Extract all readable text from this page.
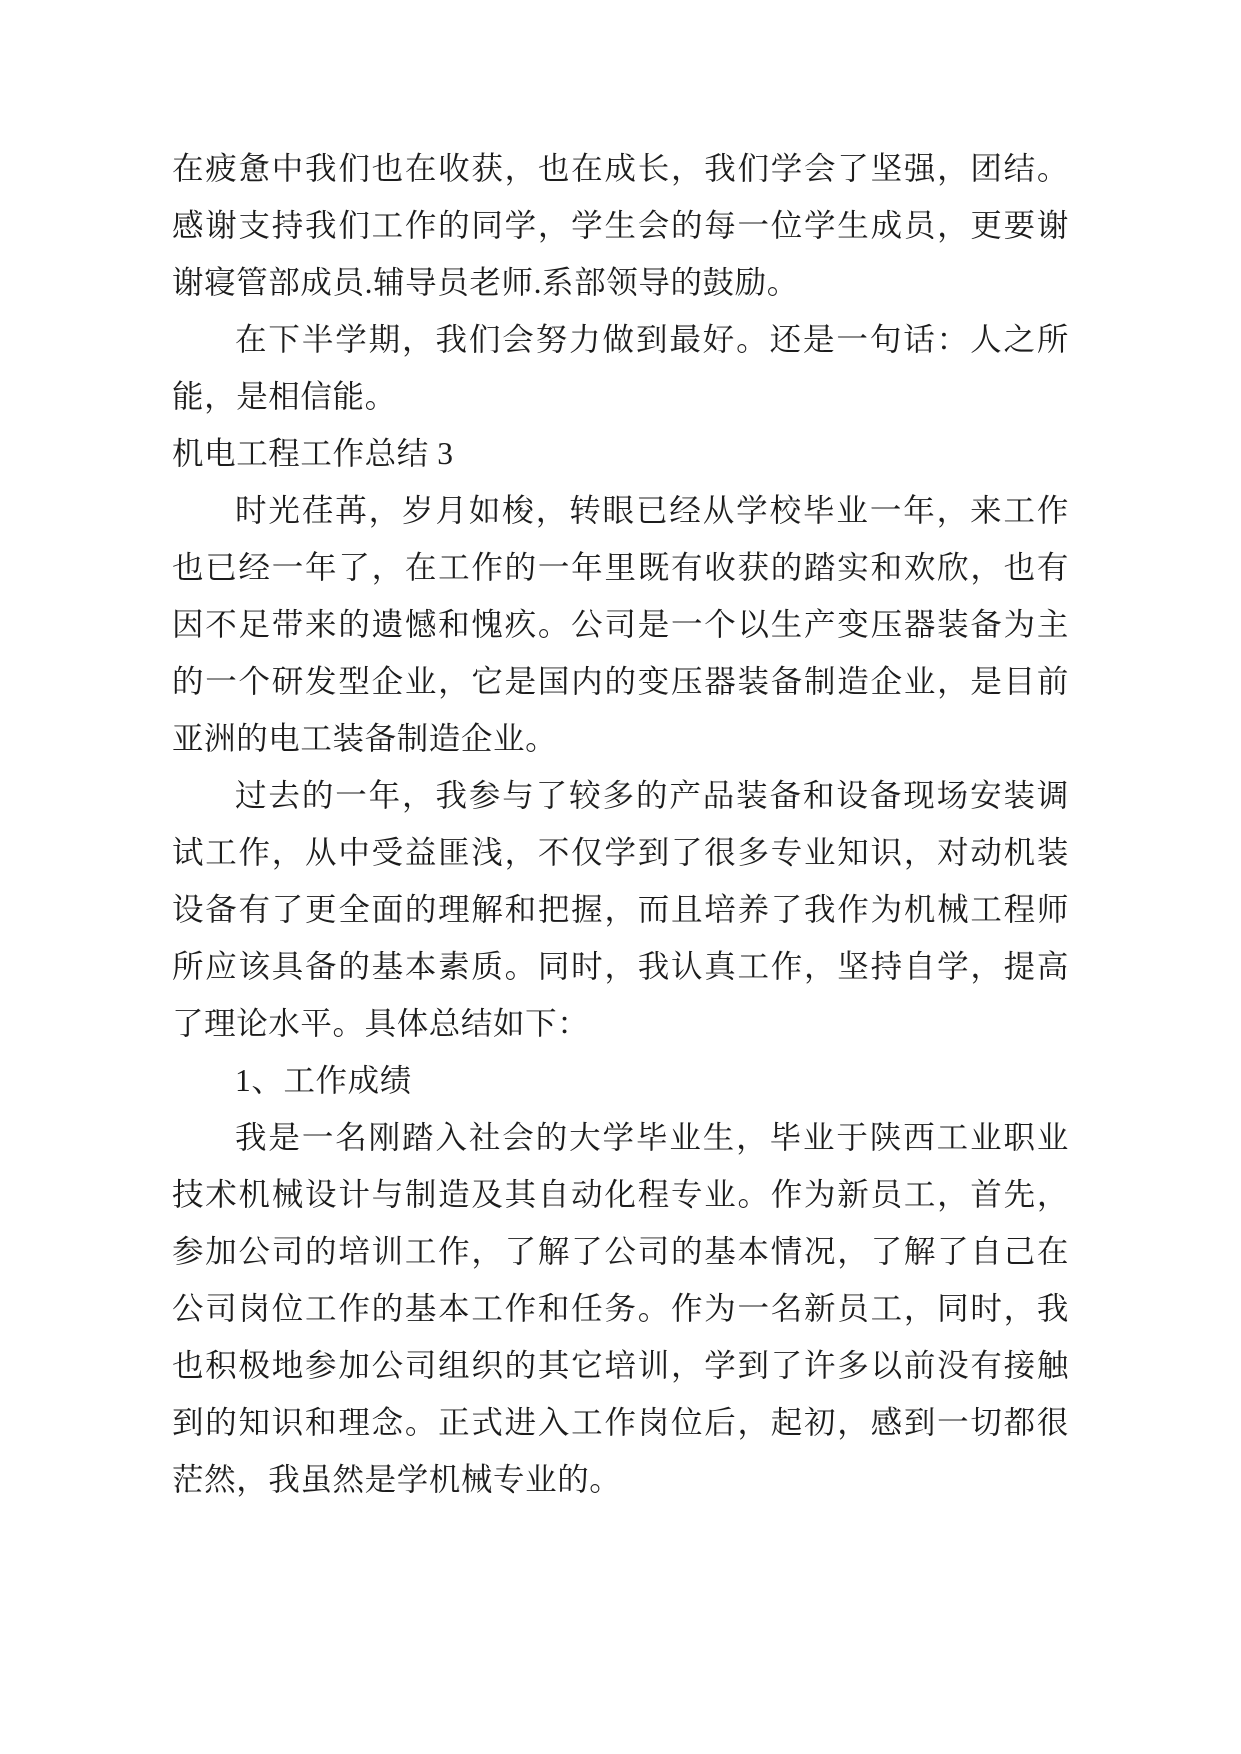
在疲惫中我们也在收获，也在成长，我们学会了坚强，团结。感谢支持我们工作的同学，学生会的每一位学生成员，更要谢谢寝管部成员.辅导员老师.系部领导的鼓励。

在下半学期，我们会努力做到最好。还是一句话：人之所能，是相信能。

机电工程工作总结 3

时光荏苒，岁月如梭，转眼已经从学校毕业一年，来工作也已经一年了，在工作的一年里既有收获的踏实和欢欣，也有因不足带来的遗憾和愧疚。公司是一个以生产变压器装备为主的一个研发型企业，它是国内的变压器装备制造企业，是目前亚洲的电工装备制造企业。

过去的一年，我参与了较多的产品装备和设备现场安装调试工作，从中受益匪浅，不仅学到了很多专业知识，对动机装设备有了更全面的理解和把握，而且培养了我作为机械工程师所应该具备的基本素质。同时，我认真工作，坚持自学，提高了理论水平。具体总结如下：

1、工作成绩

我是一名刚踏入社会的大学毕业生，毕业于陕西工业职业技术机械设计与制造及其自动化程专业。作为新员工，首先，参加公司的培训工作，了解了公司的基本情况，了解了自己在公司岗位工作的基本工作和任务。作为一名新员工，同时，我也积极地参加公司组织的其它培训，学到了许多以前没有接触到的知识和理念。正式进入工作岗位后，起初，感到一切都很茫然，我虽然是学机械专业的。
